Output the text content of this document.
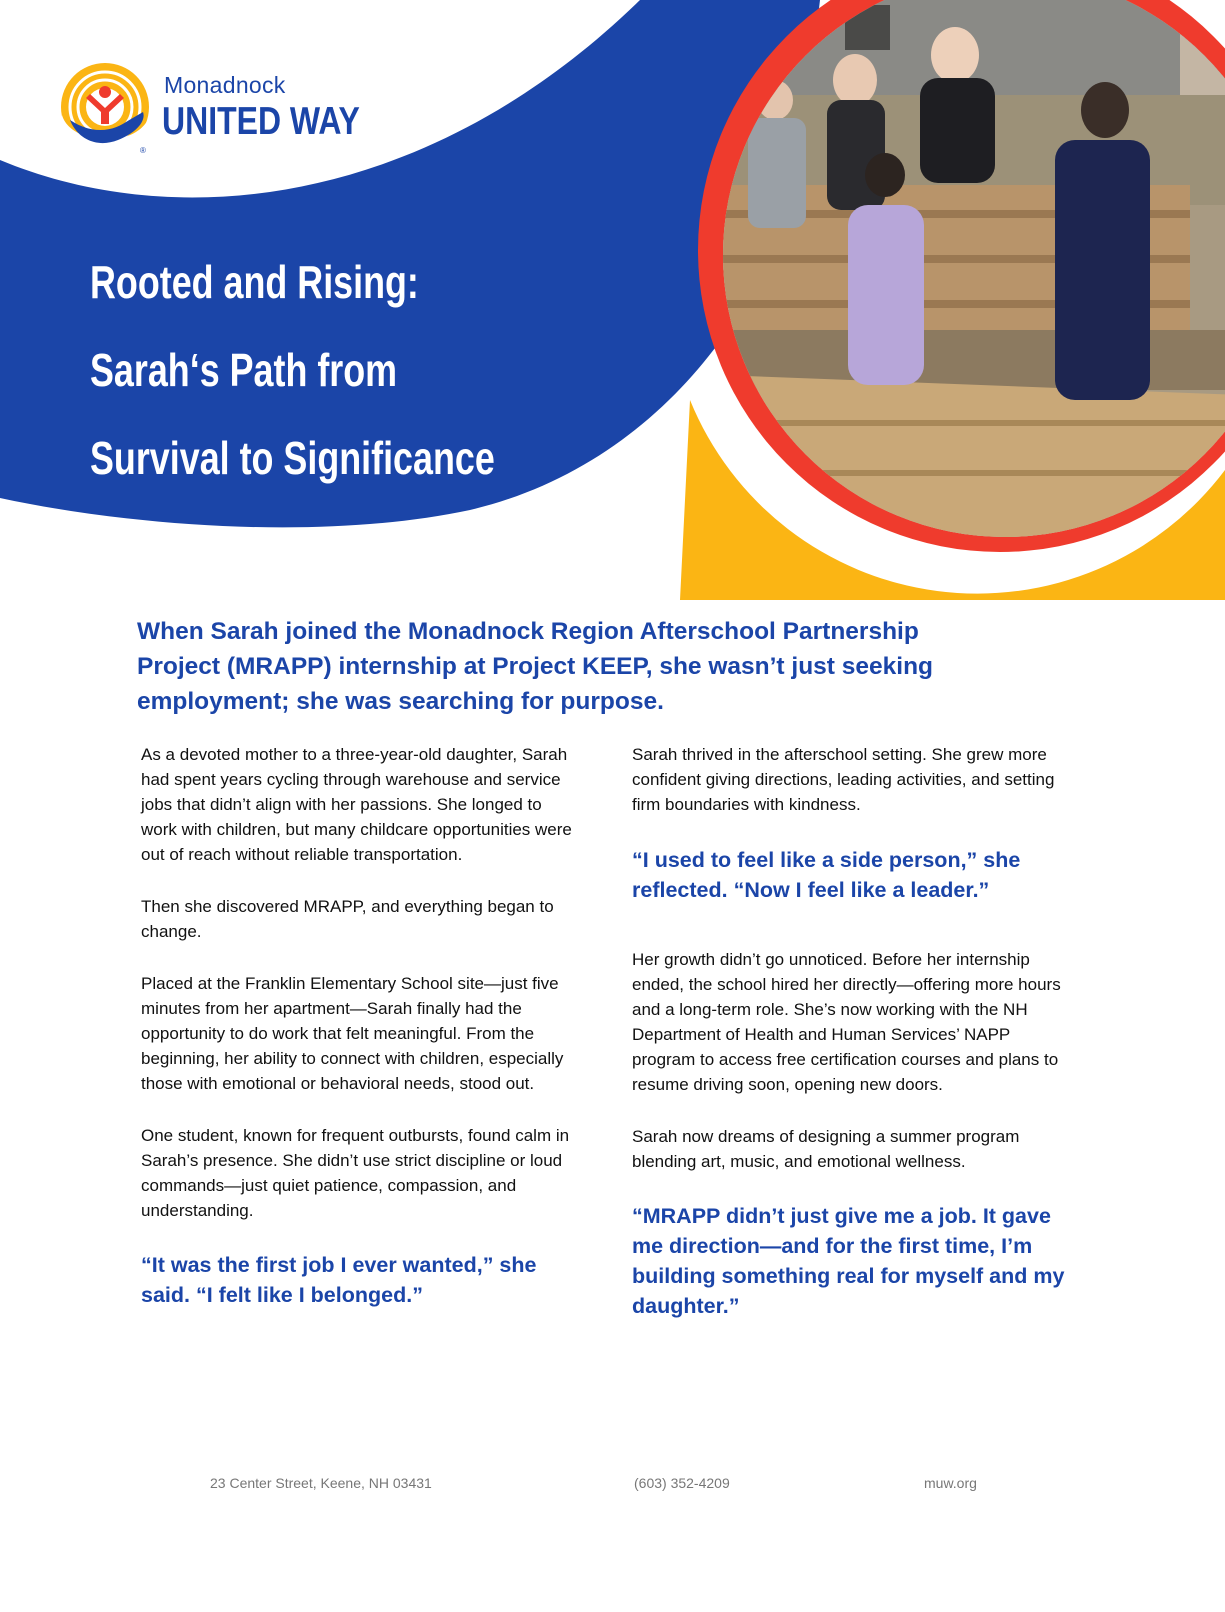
®
Monadnock
UNITED WAY
Rooted and Rising:
Sarah‘s Path from
Survival to Significance

When Sarah joined the Monadnock Region Afterschool Partnership Project (MRAPP) internship at Project KEEP, she wasn’t just seeking employment; she was searching for purpose.

As a devoted mother to a three-year-old daughter, Sarah had spent years cycling through warehouse and service jobs that didn’t align with her passions. She longed to work with children, but many childcare opportunities were out of reach without reliable transportation.

Then she discovered MRAPP, and everything began to change.

Placed at the Franklin Elementary School site—just five minutes from her apartment—Sarah finally had the opportunity to do work that felt meaningful. From the beginning, her ability to connect with children, especially those with emotional or behavioral needs, stood out.

One student, known for frequent outbursts, found calm in Sarah’s presence. She didn’t use strict discipline or loud commands—just quiet patience, compassion, and understanding.

“It was the first job I ever wanted,” she said. “I felt like I belonged.”

Sarah thrived in the afterschool setting. She grew more confident giving directions, leading activities, and setting firm boundaries with kindness.

“I used to feel like a side person,” she reflected. “Now I feel like a leader.”

Her growth didn’t go unnoticed. Before her internship ended, the school hired her directly—offering more hours and a long-term role. She’s now working with the NH Department of Health and Human Services’ NAPP program to access free certification courses and plans to resume driving soon, opening new doors.

Sarah now dreams of designing a summer program blending art, music, and emotional wellness.

“MRAPP didn’t just give me a job. It gave me direction—and for the first time, I’m building something real for myself and my daughter.”

23 Center Street, Keene, NH 03431	(603) 352-4209	muw.org
